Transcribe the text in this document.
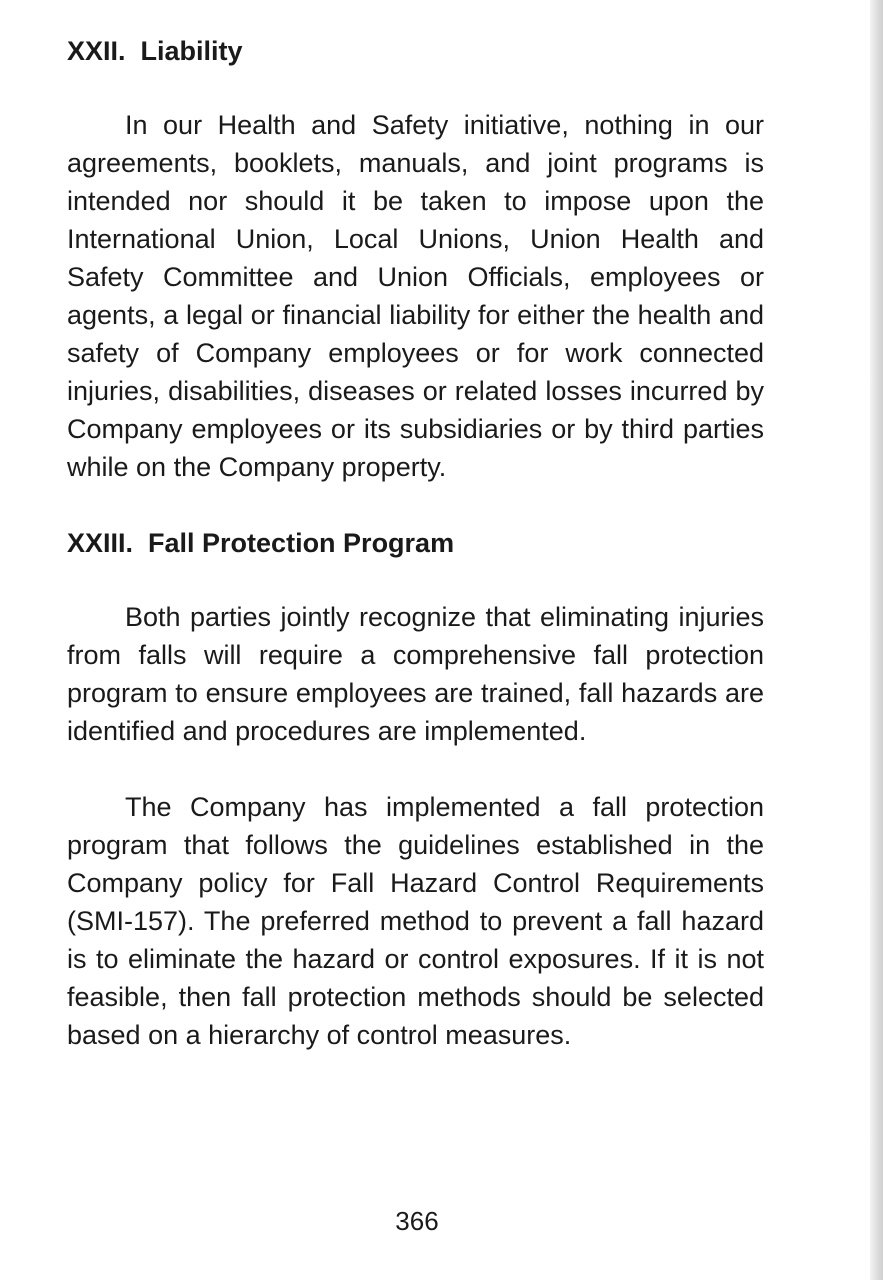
XXII.  Liability

In our Health and Safety initiative, nothing in our agreements, booklets, manuals, and joint programs is intended nor should it be taken to impose upon the International Union, Local Unions, Union Health and Safety Committee and Union Officials, employees or agents, a legal or financial liability for either the health and safety of Company employees or for work connected injuries, disabilities, diseases or related losses incurred by Company employees or its subsidiaries or by third parties while on the Company property.

XXIII.  Fall Protection Program

Both parties jointly recognize that eliminating injuries from falls will require a comprehensive fall protection program to ensure employees are trained, fall hazards are identified and procedures are implemented.

The Company has implemented a fall protection program that follows the guidelines established in the Company policy for Fall Hazard Control Requirements (SMI-157). The preferred method to prevent a fall hazard is to eliminate the hazard or control exposures. If it is not feasible, then fall protection methods should be selected based on a hierarchy of control measures.

366
